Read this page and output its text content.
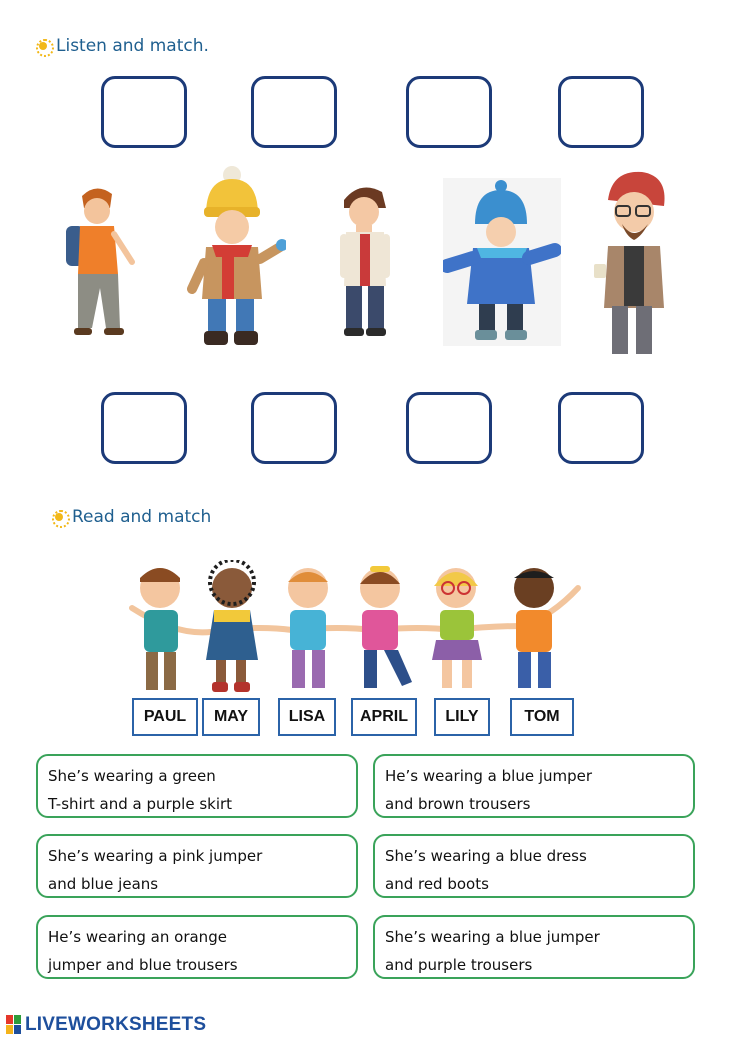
Listen and match.
Read and match
PAUL	MAY	LISA	APRIL	LILY	TOM
She’s wearing a green
T-shirt and a purple skirt
He’s wearing a blue jumper
and brown trousers
She’s wearing a pink jumper
and blue jeans
She’s wearing a blue dress
and red boots
He’s wearing an orange
jumper and blue trousers
She’s wearing a blue jumper
and purple trousers
LIVEWORKSHEETS
